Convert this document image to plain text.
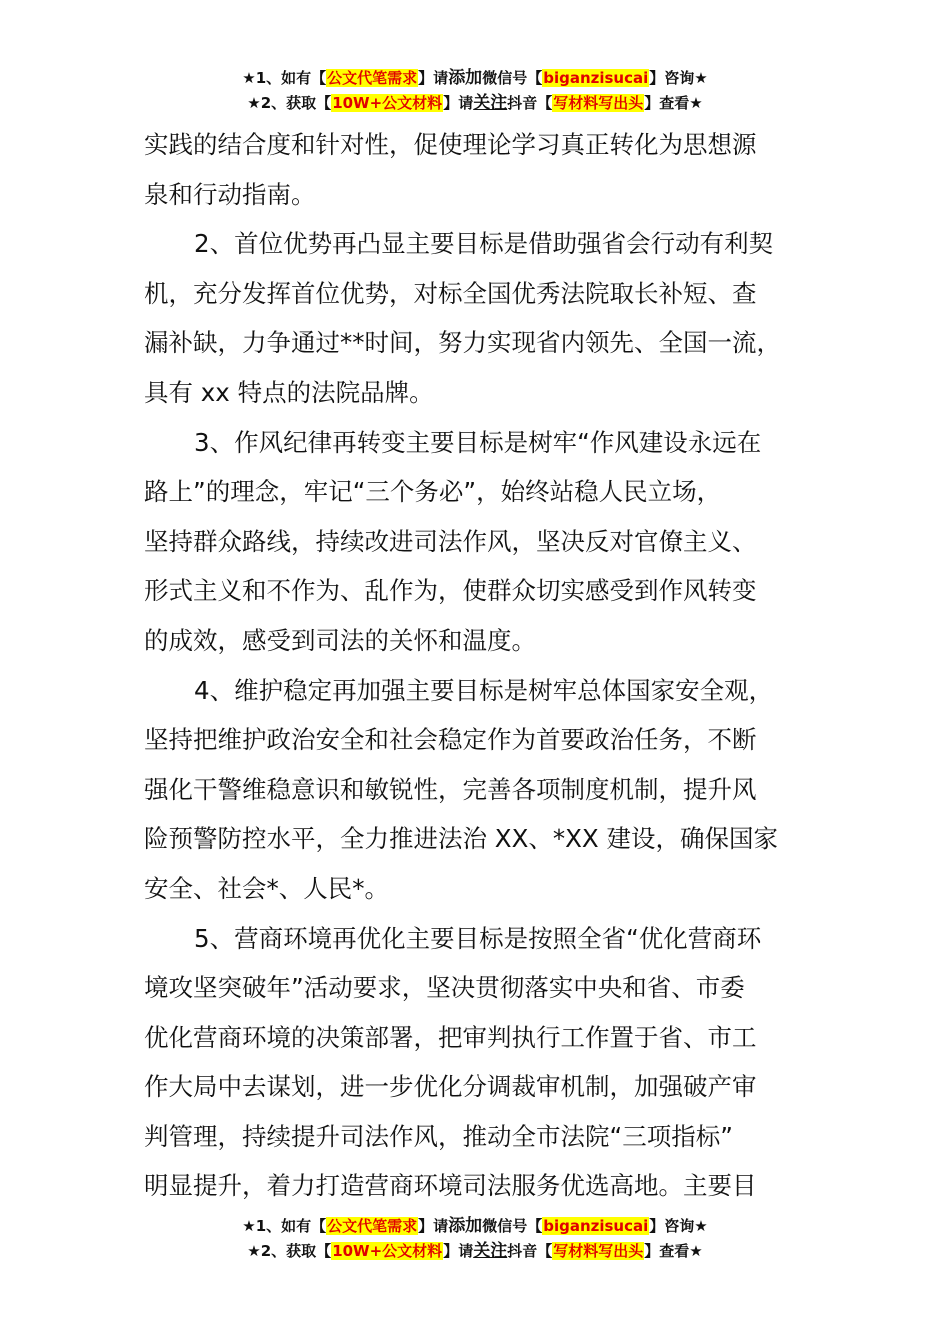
★1、如有【公文代笔需求】请添加微信号【biganzisucai】咨询★
★2、获取【10W+公文材料】请关注抖音【写材料写出头】查看★
实践的结合度和针对性，促使理论学习真正转化为思想源
泉和行动指南。
2、首位优势再凸显主要目标是借助强省会行动有利契
机，充分发挥首位优势，对标全国优秀法院取长补短、查
漏补缺，力争通过**时间，努力实现省内领先、全国一流，
具有 xx 特点的法院品牌。
3、作风纪律再转变主要目标是树牢“作风建设永远在
路上”的理念，牢记“三个务必”，始终站稳人民立场，
坚持群众路线，持续改进司法作风，坚决反对官僚主义、
形式主义和不作为、乱作为，使群众切实感受到作风转变
的成效，感受到司法的关怀和温度。
4、维护稳定再加强主要目标是树牢总体国家安全观，
坚持把维护政治安全和社会稳定作为首要政治任务，不断
强化干警维稳意识和敏锐性，完善各项制度机制，提升风
险预警防控水平，全力推进法治 XX、*XX 建设，确保国家
安全、社会*、人民*。
5、营商环境再优化主要目标是按照全省“优化营商环
境攻坚突破年”活动要求，坚决贯彻落实中央和省、市委
优化营商环境的决策部署，把审判执行工作置于省、市工
作大局中去谋划，进一步优化分调裁审机制，加强破产审
判管理，持续提升司法作风，推动全市法院“三项指标”
明显提升，着力打造营商环境司法服务优选高地。主要目
★1、如有【公文代笔需求】请添加微信号【biganzisucai】咨询★
★2、获取【10W+公文材料】请关注抖音【写材料写出头】查看★
